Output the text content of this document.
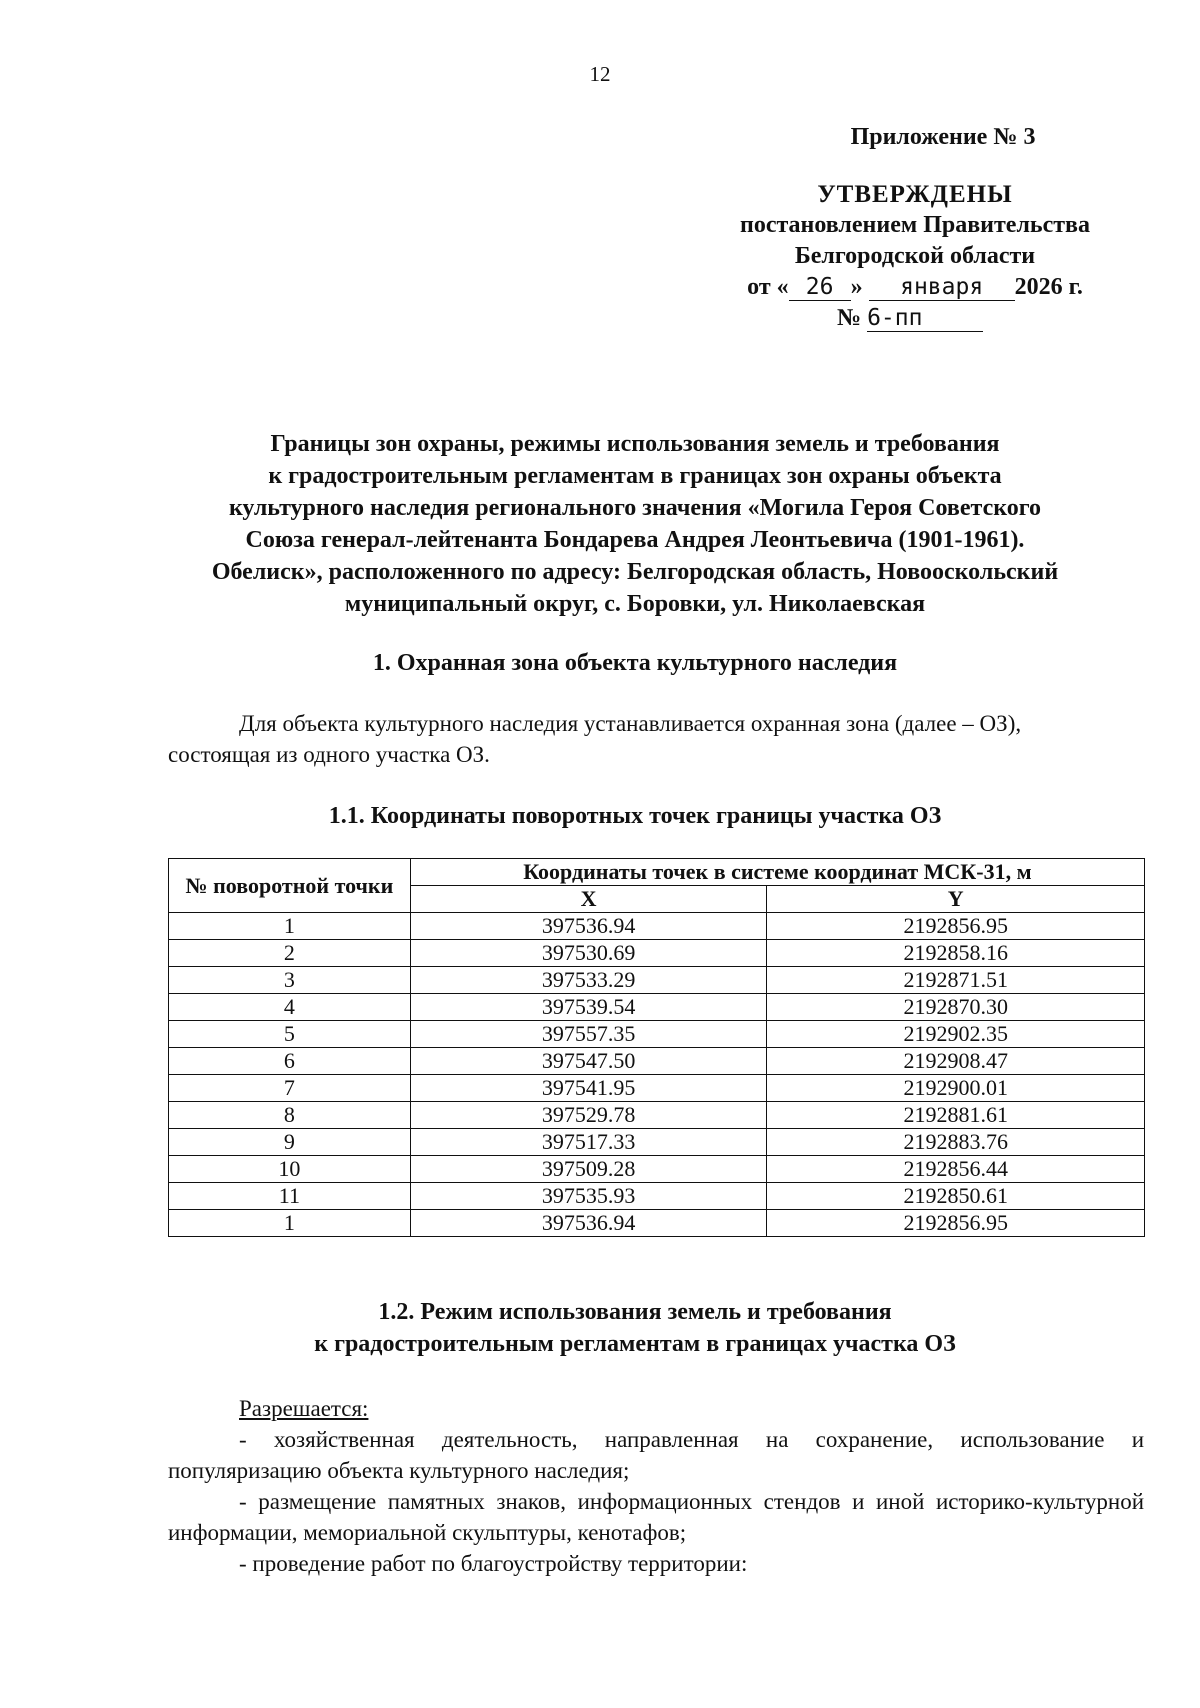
12
Приложение № 3
УТВЕРЖДЕНЫ
постановлением Правительства
Белгородской области
от « 26 » января 2026 г.
№ 6-пп
Границы зон охраны, режимы использования земель и требования
к градостроительным регламентам в границах зон охраны объекта
культурного наследия регионального значения «Могила Героя Советского
Союза генерал-лейтенанта Бондарева Андрея Леонтьевича (1901-1961).
Обелиск», расположенного по адресу: Белгородская область, Новооскольский
муниципальный округ, с. Боровки, ул. Николаевская
1. Охранная зона объекта культурного наследия
Для объекта культурного наследия устанавливается охранная зона (далее – ОЗ),
состоящая из одного участка ОЗ.
1.1. Координаты поворотных точек границы участка ОЗ
№ поворотной точки	Координаты точек в системе координат МСК-31, м	
	X	Y
1	397536.94	2192856.95
2	397530.69	2192858.16
3	397533.29	2192871.51
4	397539.54	2192870.30
5	397557.35	2192902.35
6	397547.50	2192908.47
7	397541.95	2192900.01
8	397529.78	2192881.61
9	397517.33	2192883.76
10	397509.28	2192856.44
11	397535.93	2192850.61
1	397536.94	2192856.95
1.2. Режим использования земель и требования
к градостроительным регламентам в границах участка ОЗ
Разрешается:
- хозяйственная деятельность, направленная на сохранение, использование и популяризацию объекта культурного наследия;
- размещение памятных знаков, информационных стендов и иной историко-культурной информации, мемориальной скульптуры, кенотафов;
- проведение работ по благоустройству территории:
